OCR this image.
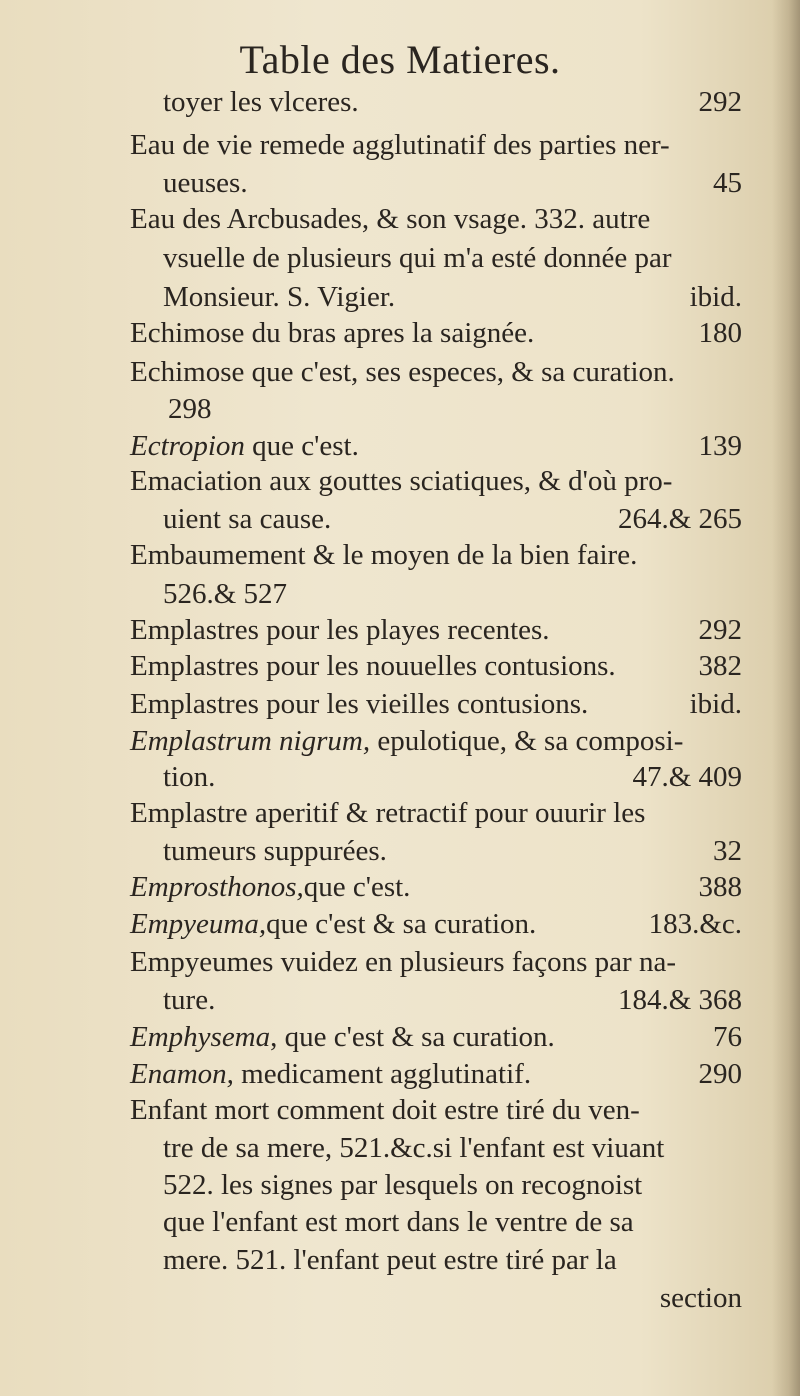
Table des Matieres.
toyer les vlceres.	292
Eau de vie remede agglutinatif des parties ner-
ueuses.	45
Eau des Arcbusades, & son vsage. 332. autre
vsuelle de plusieurs qui m'a esté donnée par
Monsieur. S. Vigier.	ibid.
Echimose du bras apres la saignée.	180
Echimose que c'est, ses especes, & sa curation.
298
Ectropion que c'est.	139
Emaciation aux gouttes sciatiques, & d'où pro-
uient sa cause.	264.& 265
Embaumement & le moyen de la bien faire.
526.& 527
Emplastres pour les playes recentes.	292
Emplastres pour les nouuelles contusions.	382
Emplastres pour les vieilles contusions.	ibid.
Emplastrum nigrum, epulotique, & sa composi-
tion.	47.& 409
Emplastre aperitif & retractif pour ouurir les
tumeurs suppurées.	32
Emprosthonos,que c'est.	388
Empyeuma,que c'est & sa curation.	183.&c.
Empyeumes vuidez en plusieurs façons par na-
ture.	184.& 368
Emphysema, que c'est & sa curation.	76
Enamon, medicament agglutinatif.	290
Enfant mort comment doit estre tiré du ven-
tre de sa mere, 521.&c.si l'enfant est viuant
522. les signes par lesquels on recognoist
que l'enfant est mort dans le ventre de sa
mere. 521. l'enfant peut estre tiré par la
section
